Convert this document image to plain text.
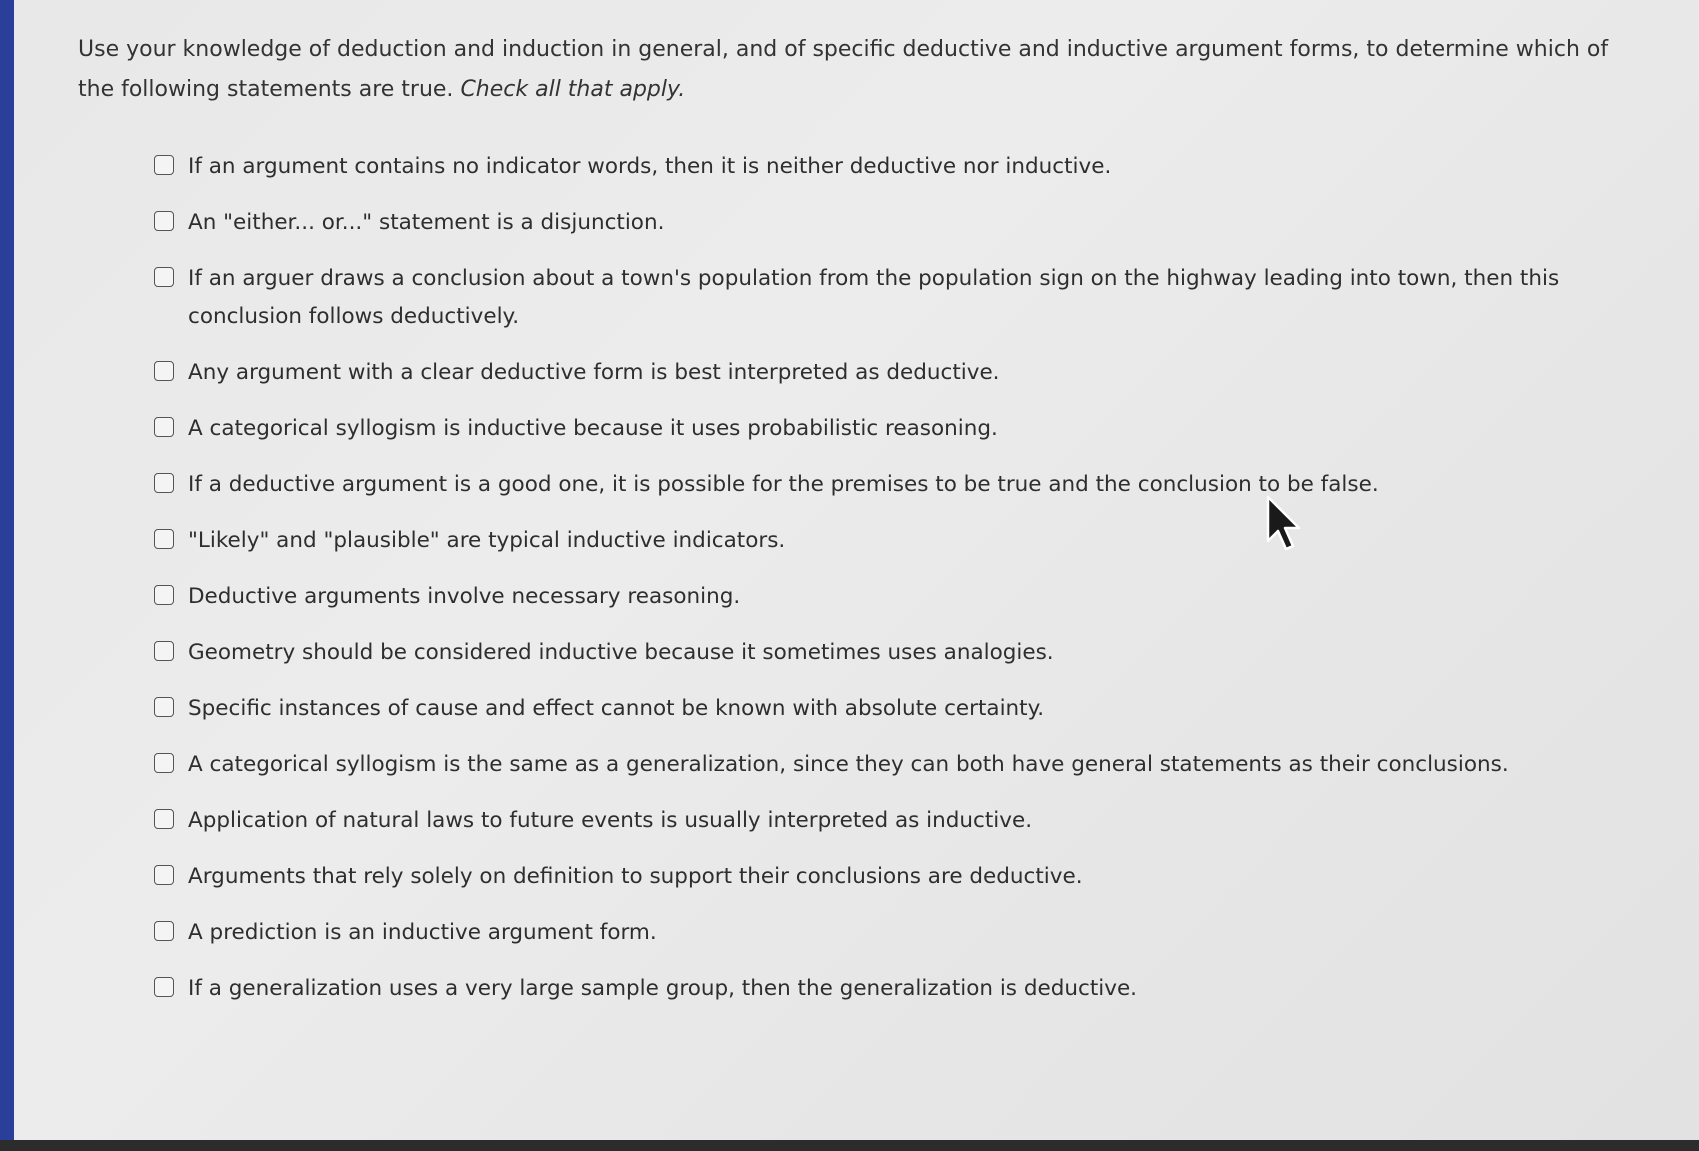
Use your knowledge of deduction and induction in general, and of specific deductive and inductive argument forms, to determine which of the following statements are true. Check all that apply.
If an argument contains no indicator words, then it is neither deductive nor inductive.
An "either... or..." statement is a disjunction.
If an arguer draws a conclusion about a town's population from the population sign on the highway leading into town, then this conclusion follows deductively.
Any argument with a clear deductive form is best interpreted as deductive.
A categorical syllogism is inductive because it uses probabilistic reasoning.
If a deductive argument is a good one, it is possible for the premises to be true and the conclusion to be false.
"Likely" and "plausible" are typical inductive indicators.
Deductive arguments involve necessary reasoning.
Geometry should be considered inductive because it sometimes uses analogies.
Specific instances of cause and effect cannot be known with absolute certainty.
A categorical syllogism is the same as a generalization, since they can both have general statements as their conclusions.
Application of natural laws to future events is usually interpreted as inductive.
Arguments that rely solely on definition to support their conclusions are deductive.
A prediction is an inductive argument form.
If a generalization uses a very large sample group, then the generalization is deductive.
